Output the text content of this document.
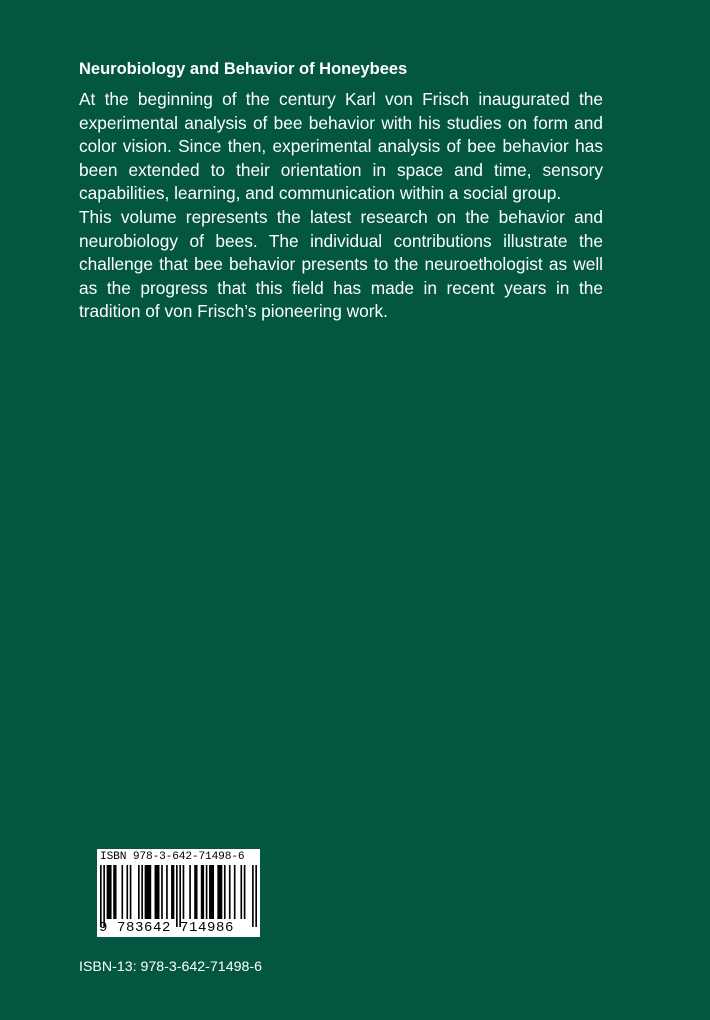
Neurobiology and Behavior of Honeybees

At the beginning of the century Karl von Frisch inaugurated the experimental analysis of bee behavior with his studies on form and color vision. Since then, experimental analysis of bee behavior has been extended to their orientation in space and time, sensory capabilities, learning, and communication within a social group.

This volume represents the latest research on the behavior and neurobiology of bees. The individual contributions illustrate the challenge that bee behavior presents to the neuroethologist as well as the progress that this field has made in recent years in the tradition of von Frisch’s pioneering work.

ISBN 978-3-642-71498-6
9 783642 714986
ISBN-13: 978-3-642-71498-6
